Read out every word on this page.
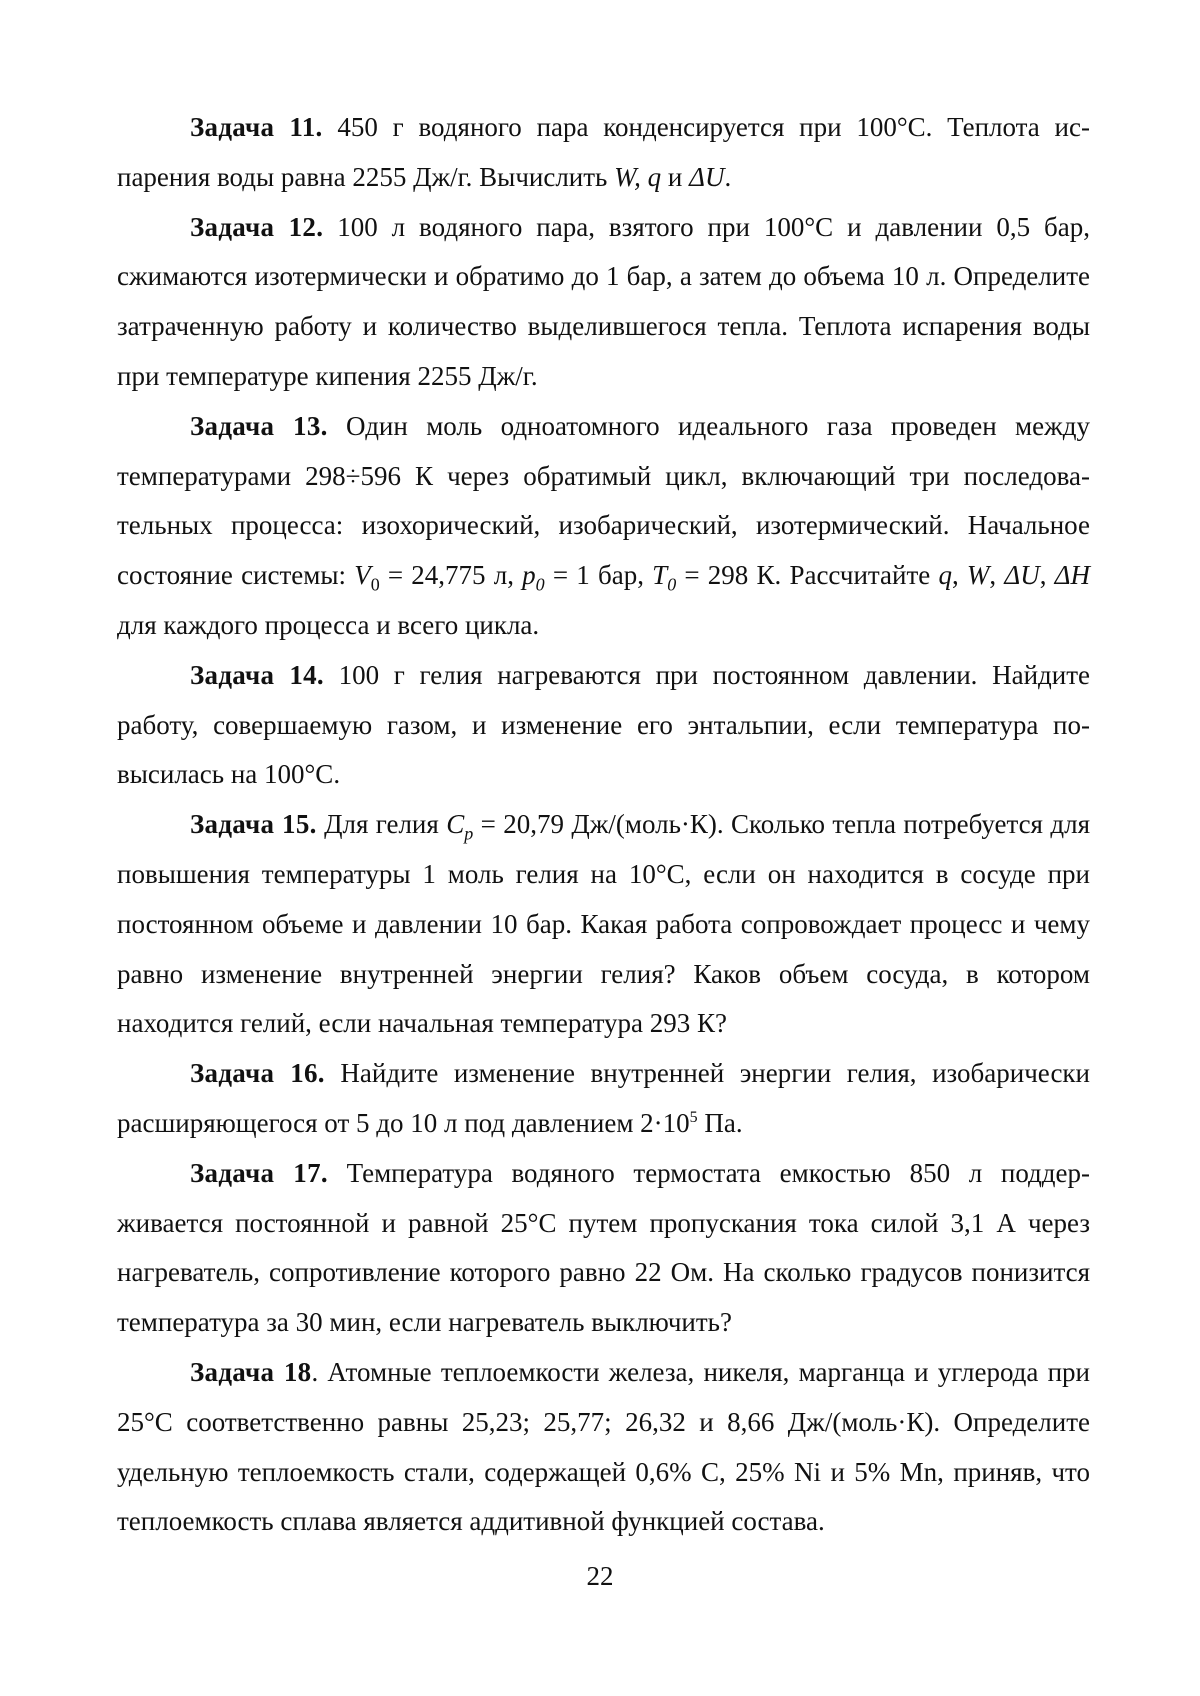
Задача 11. 450 г водяного пара конденсируется при 100°С. Теплота испарения воды равна 2255 Дж/г. Вычислить W, q и ΔU.

Задача 12. 100 л водяного пара, взятого при 100°С и давлении 0,5 бар, сжимаются изотермически и обратимо до 1 бар, а затем до объема 10 л. Определите затраченную работу и количество выделившегося тепла. Теплота испарения воды при температуре кипения 2255 Дж/г.

Задача 13. Один моль одноатомного идеального газа проведен между температурами 298÷596 К через обратимый цикл, включающий три последовательных процесса: изохорический, изобарический, изотермический. Начальное состояние системы: $V_0 = 24,775$ л, $p_0 = 1$ бар, $T_0 = 298$ К. Рассчитайте q, W, ΔU, ΔH для каждого процесса и всего цикла.

Задача 14. 100 г гелия нагреваются при постоянном давлении. Найдите работу, совершаемую газом, и изменение его энтальпии, если температура повысилась на 100°С.

Задача 15. Для гелия $C_p = 20,79$ Дж/(моль·К). Сколько тепла потребуется для повышения температуры 1 моль гелия на 10°С, если он находится в сосуде при постоянном объеме и давлении 10 бар. Какая работа сопровождает процесс и чему равно изменение внутренней энергии гелия? Каков объем сосуда, в котором находится гелий, если начальная температура 293 К?

Задача 16. Найдите изменение внутренней энергии гелия, изобарически расширяющегося от 5 до 10 л под давлением $2\cdot 10^5$ Па.

Задача 17. Температура водяного термостата емкостью 850 л поддерживается постоянной и равной 25°С путем пропускания тока силой 3,1 А через нагреватель, сопротивление которого равно 22 Ом. На сколько градусов понизится температура за 30 мин, если нагреватель выключить?

Задача 18. Атомные теплоемкости железа, никеля, марганца и углерода при 25°С соответственно равны 25,23; 25,77; 26,32 и 8,66 Дж/(моль·К). Определите удельную теплоемкость стали, содержащей 0,6% С, 25% Ni и 5% Mn, приняв, что теплоемкость сплава является аддитивной функцией состава.

22
